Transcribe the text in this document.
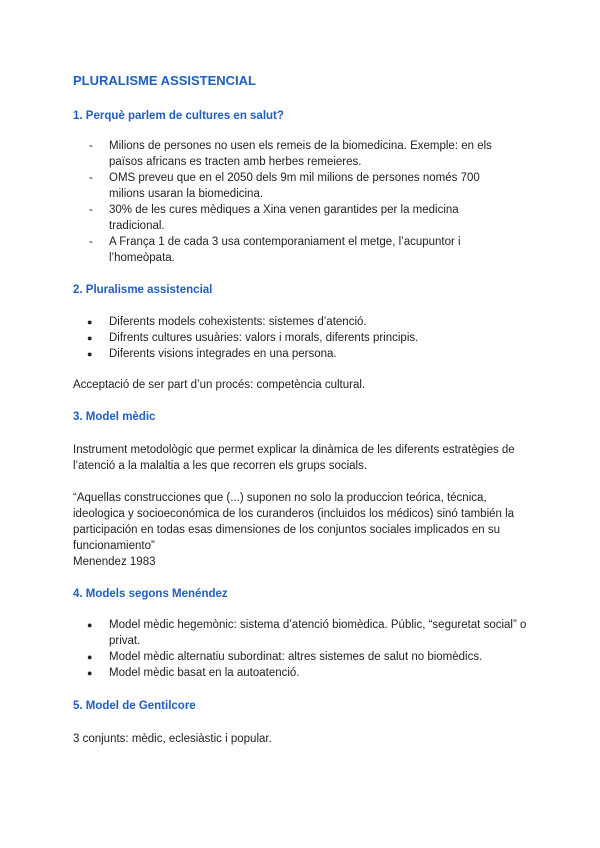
PLURALISME ASSISTENCIAL
1. Perquè parlem de cultures en salut?
- Milions de persones no usen els remeis de la biomedicina. Exemple: en els països africans es tracten amb herbes remeieres.
- OMS preveu que en el 2050 dels 9m mil milions de persones només 700 milions usaran la biomedicina.
- 30% de les cures mèdiques a Xina venen garantides per la medicina tradicional.
- A França 1 de cada 3 usa contemporaniament el metge, l’acupuntor i l’homeòpata.
2. Pluralisme assistencial
● Diferents models cohexistents: sistemes d’atenció.
● Difrents cultures usuàries: valors i morals, diferents principis.
● Diferents visions integrades en una persona.
Acceptació de ser part d’un procés: competència cultural.
3. Model mèdic
Instrument metodològic que permet explicar la dinàmica de les diferents estratègies de l’atenció a la malaltia a les que recorren els grups socials.
“Aquellas construcciones que (...) suponen no solo la produccion teórica, técnica, ideologica y socioeconómica de los curanderos (incluidos los médicos) sinó también la participación en todas esas dimensiones de los conjuntos sociales implicados en su funcionamiento”
Menendez 1983
4. Models segons Menéndez
● Model mèdic hegemònic: sistema d’atenció biomèdica. Públic, “seguretat social” o privat.
● Model mèdic alternatiu subordinat: altres sistemes de salut no biomèdics.
● Model mèdic basat en la autoatenció.
5. Model de Gentilcore
3 conjunts: mèdic, eclesiàstic i popular.
